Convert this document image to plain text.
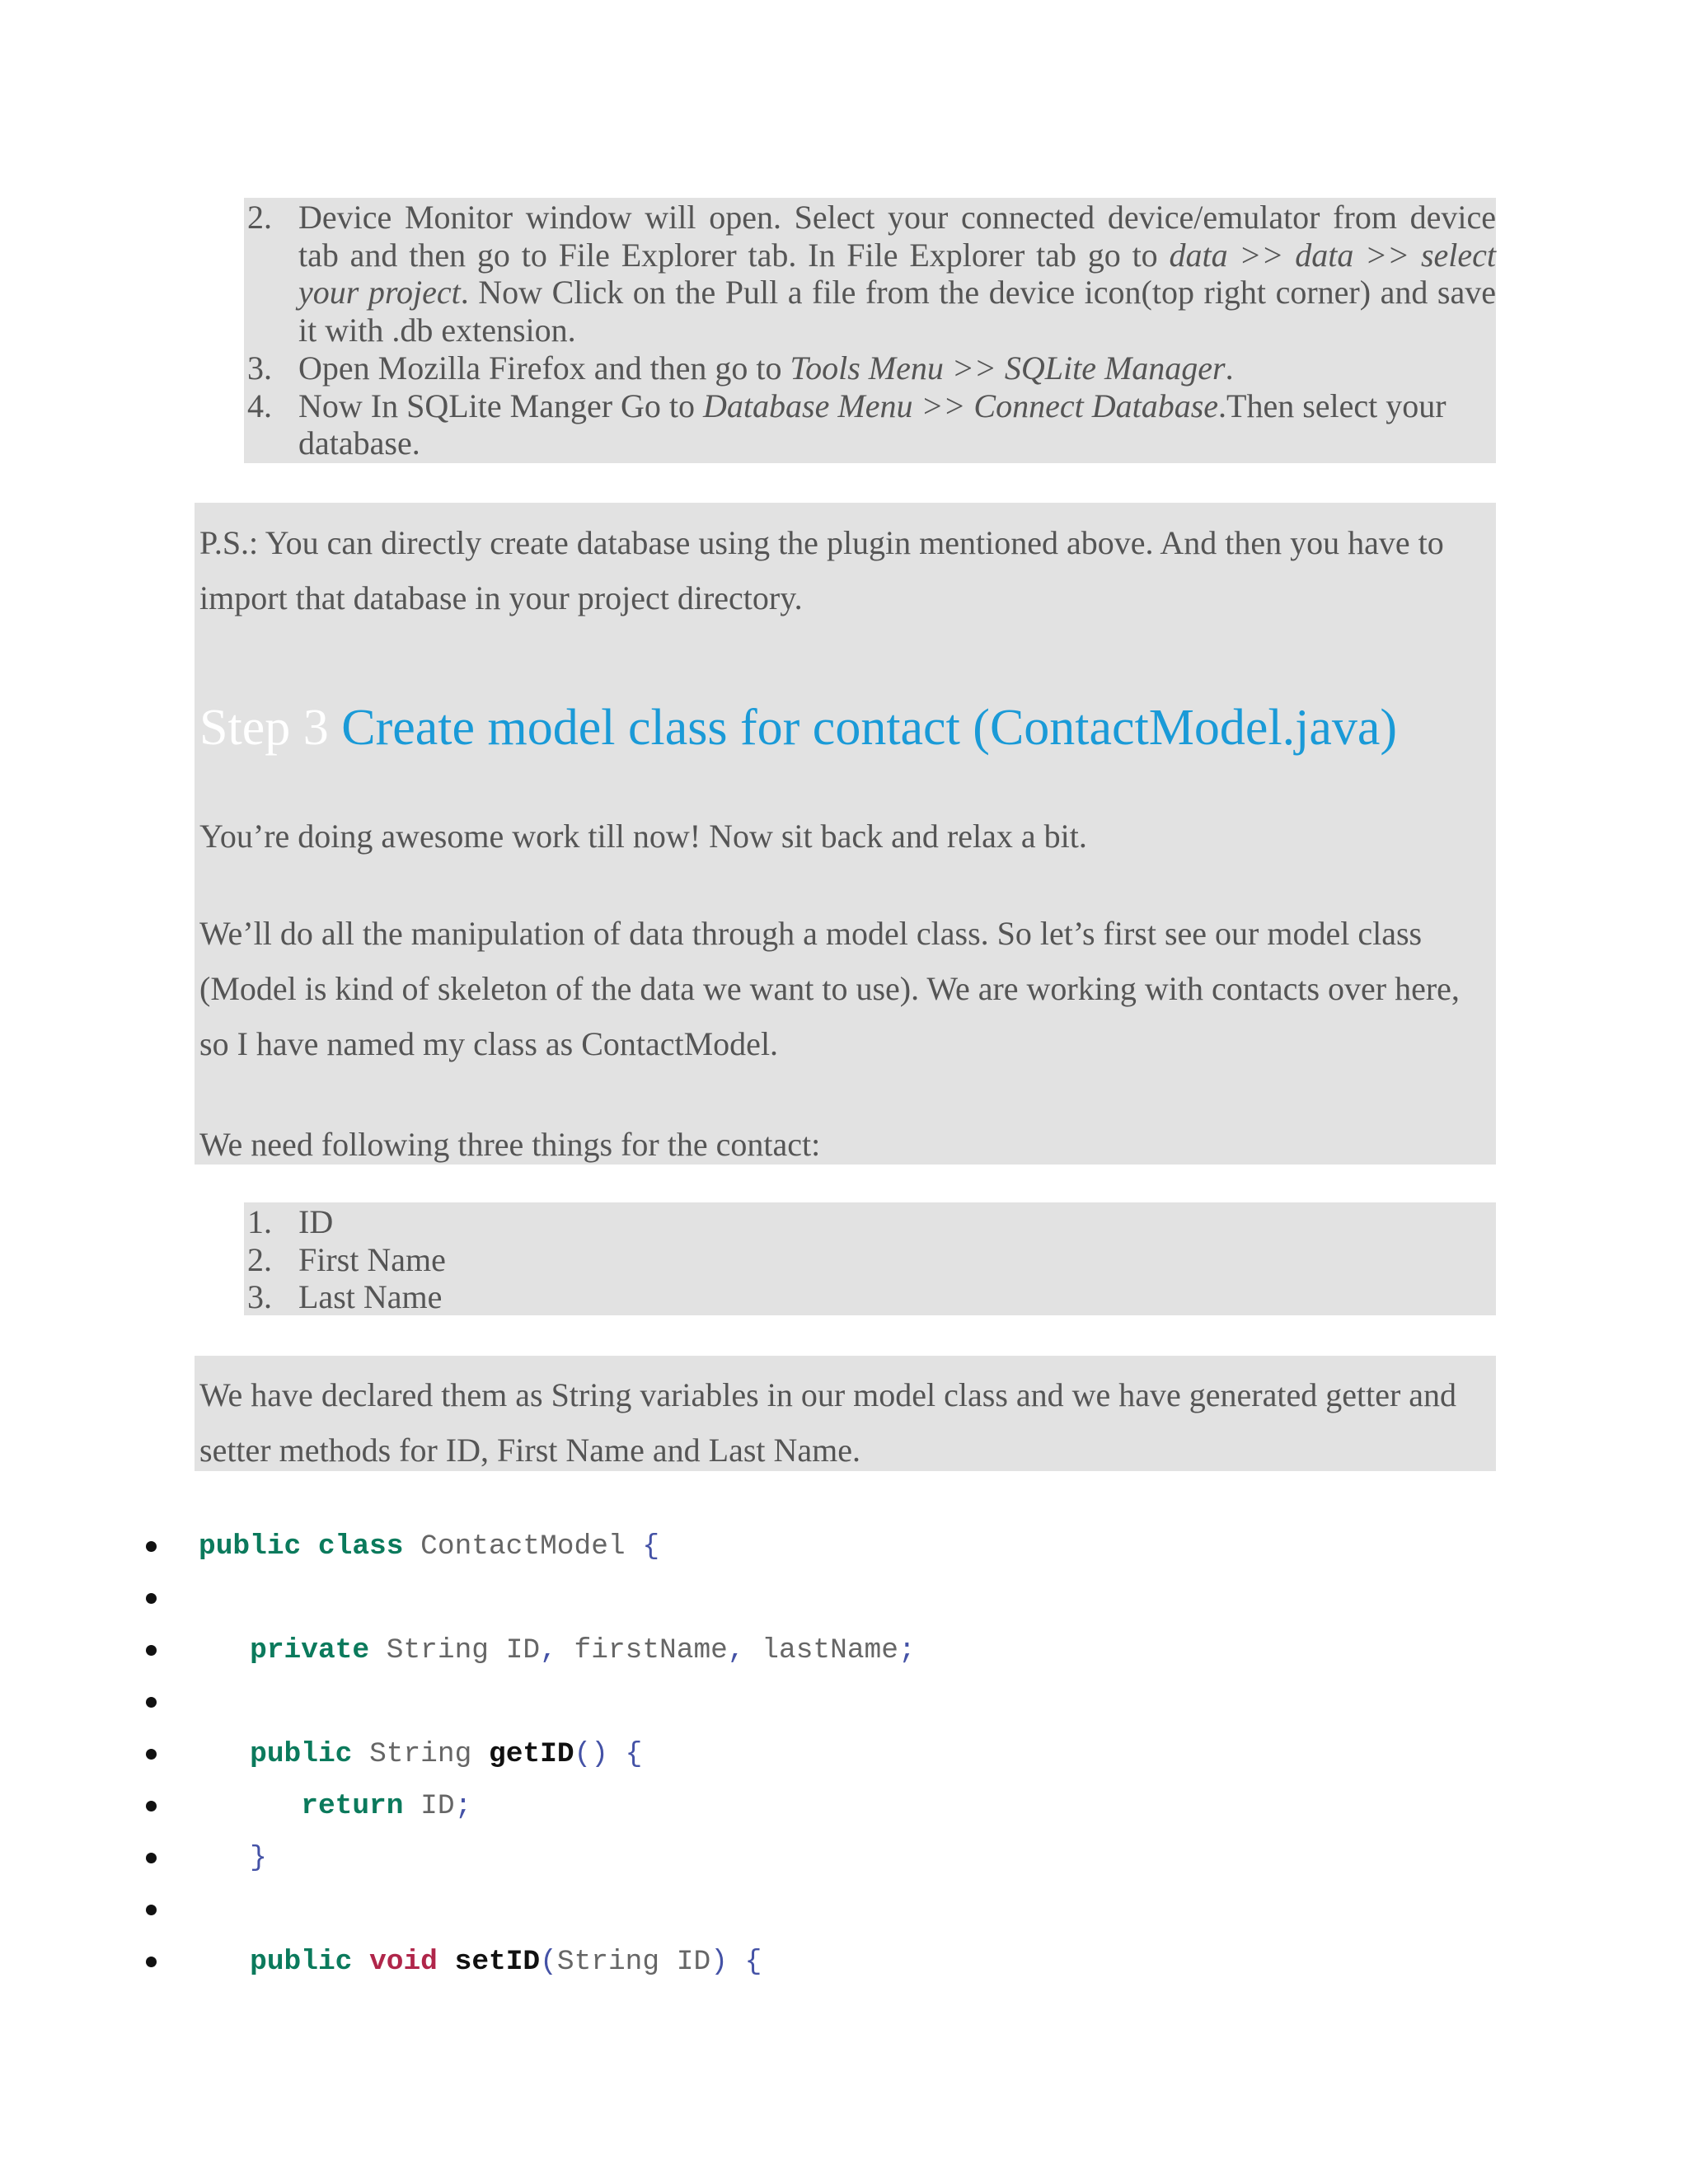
2. Device Monitor window will open. Select your connected device/emulator from device tab and then go to File Explorer tab. In File Explorer tab go to data >> data >> select your project. Now Click on the Pull a file from the device icon(top right corner) and save it with .db extension.
3. Open Mozilla Firefox and then go to Tools Menu >> SQLite Manager.
4. Now In SQLite Manger Go to Database Menu >> Connect Database.Then select your database.

P.S.: You can directly create database using the plugin mentioned above. And then you have to import that database in your project directory.

Step 3 Create model class for contact (ContactModel.java)

You’re doing awesome work till now! Now sit back and relax a bit.

We’ll do all the manipulation of data through a model class. So let’s first see our model class (Model is kind of skeleton of the data we want to use). We are working with contacts over here, so I have named my class as ContactModel.

We need following three things for the contact:

1. ID
2. First Name
3. Last Name

We have declared them as String variables in our model class and we have generated getter and setter methods for ID, First Name and Last Name.

public class ContactModel {
private String ID, firstName, lastName;
public String getID() {
return ID;
}
public void setID(String ID) {
